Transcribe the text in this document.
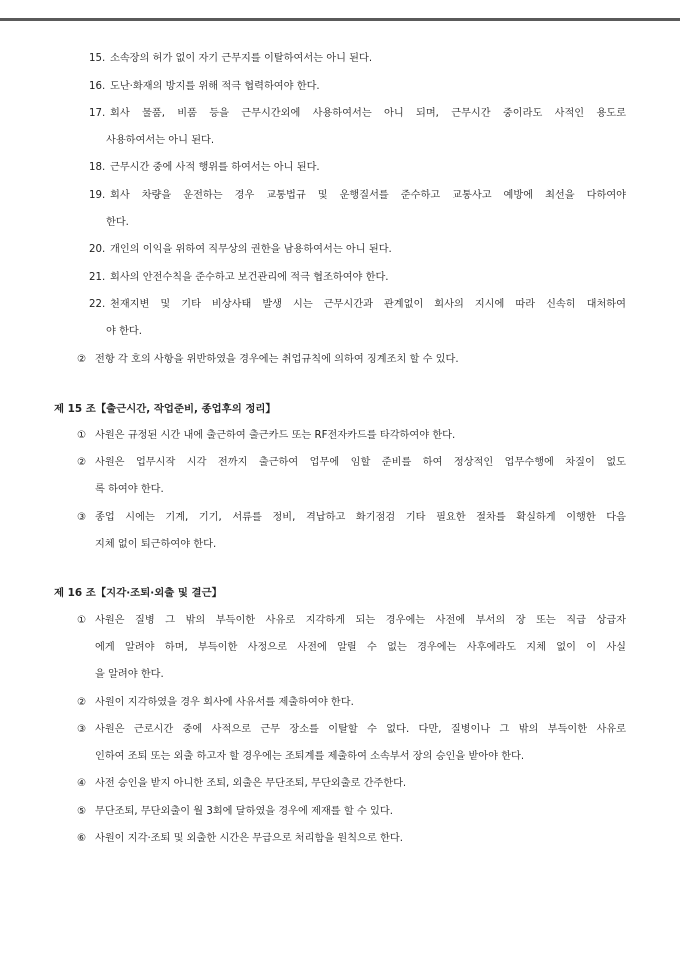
15. 소속장의 허가 없이 자기 근무지를 이탈하여서는 아니 된다.
16. 도난·화재의 방지를 위해 적극 협력하여야 한다.
17. 회사 물품, 비품 등을 근무시간외에 사용하여서는 아니 되며, 근무시간 중이라도 사적인 용도로
사용하여서는 아니 된다.
18. 근무시간 중에 사적 행위를 하여서는 아니 된다.
19. 회사 차량을 운전하는 경우 교통법규 및 운행질서를 준수하고 교통사고 예방에 최선을 다하여야
한다.
20. 개인의 이익을 위하여 직무상의 권한을 남용하여서는 아니 된다.
21. 회사의 안전수칙을 준수하고 보건관리에 적극 협조하여야 한다.
22. 천재지변 및 기타 비상사태 발생 시는 근무시간과 관계없이 회사의 지시에 따라 신속히 대처하여
야 한다.
② 전항 각 호의 사항을 위반하였을 경우에는 취업규칙에 의하여 징계조치 할 수 있다.
제 15 조【출근시간, 작업준비, 종업후의 정리】
① 사원은 규정된 시간 내에 출근하여 출근카드 또는 RF전자카드를 타각하여야 한다.
② 사원은 업무시작 시각 전까지 출근하여 업무에 임할 준비를 하여 정상적인 업무수행에 차질이 없도
록 하여야 한다.
③ 종업 시에는 기계, 기기, 서류를 정비, 격납하고 화기점검 기타 필요한 절차를 확실하게 이행한 다음
지체 없이 퇴근하여야 한다.
제 16 조【지각·조퇴·외출 및 결근】
① 사원은 질병 그 밖의 부득이한 사유로 지각하게 되는 경우에는 사전에 부서의 장 또는 직급 상급자
에게 알려야 하며, 부득이한 사정으로 사전에 알릴 수 없는 경우에는 사후에라도 지체 없이 이 사실
을 알려야 한다.
② 사원이 지각하였을 경우 회사에 사유서를 제출하여야 한다.
③ 사원은 근로시간 중에 사적으로 근무 장소를 이탈할 수 없다. 다만, 질병이나 그 밖의 부득이한 사유로
인하여 조퇴 또는 외출 하고자 할 경우에는 조퇴계를 제출하여 소속부서 장의 승인을 받아야 한다.
④ 사전 승인을 받지 아니한 조퇴, 외출은 무단조퇴, 무단외출로 간주한다.
⑤ 무단조퇴, 무단외출이 월 3회에 달하였을 경우에 제재를 할 수 있다.
⑥ 사원이 지각·조퇴 및 외출한 시간은 무급으로 처리함을 원칙으로 한다.
